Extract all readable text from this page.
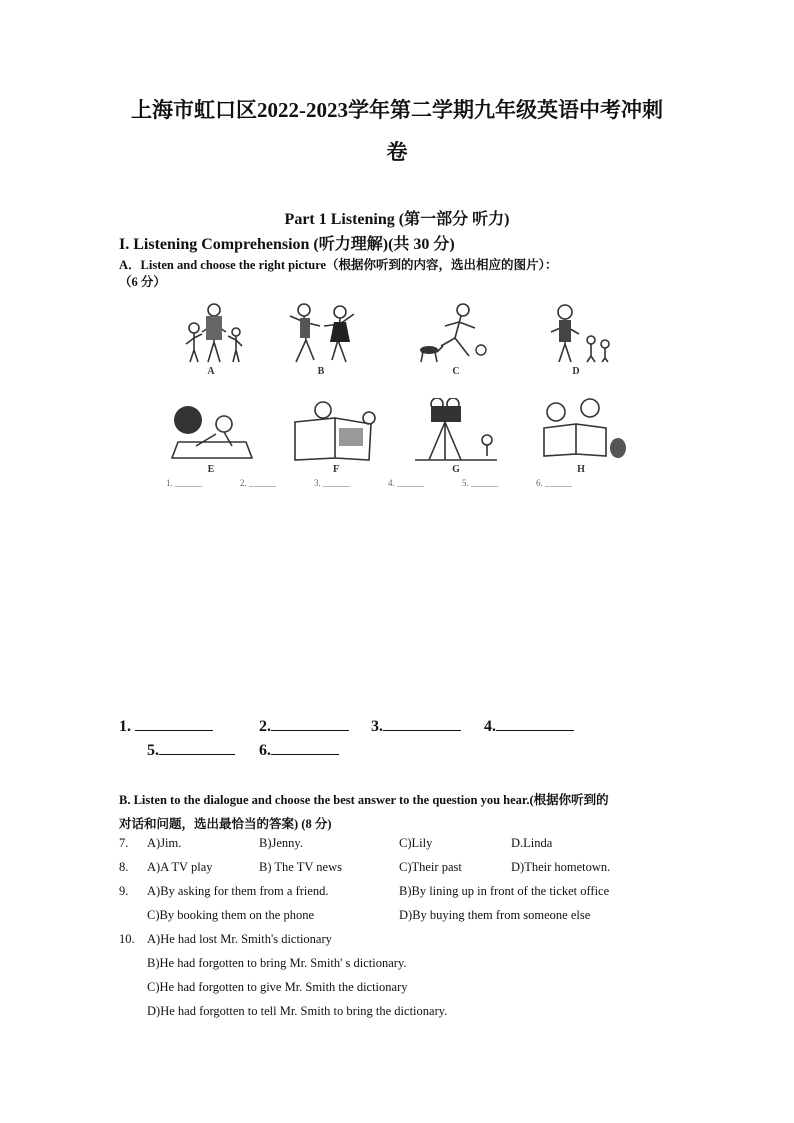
上海市虹口区2022-2023学年第二学期九年级英语中考冲刺
卷
Part 1 Listening (第一部分 听力)
I. Listening Comprehension (听力理解)(共 30 分)
A．Listen and choose the right picture（根据你听到的内容，选出相应的图片）：
（6 分）
A	B	C	D
E	F	G	H
1. ______	2. ______	3. ______	4. ______	5. ______	6. ______
1.	2.	3.	4.
5.	6.
B. Listen to the dialogue and choose the best answer to the question you hear.(根据你听到的
对话和问题，选出最恰当的答案) (8 分)
7. A)Jim.	B)Jenny.	C)Lily	D.Linda
8. A)A TV play	B) The TV news	C)Their past	D)Their hometown.
9. A)By asking for them from a friend.	B)By lining up in front of the ticket office
C)By booking them on the phone	D)By buying them from someone else
10. A)He had lost Mr. Smith's dictionary
B)He had forgotten to bring Mr. Smith' s dictionary.
C)He had forgotten to give Mr. Smith the dictionary
D)He had forgotten to tell Mr. Smith to bring the dictionary.
